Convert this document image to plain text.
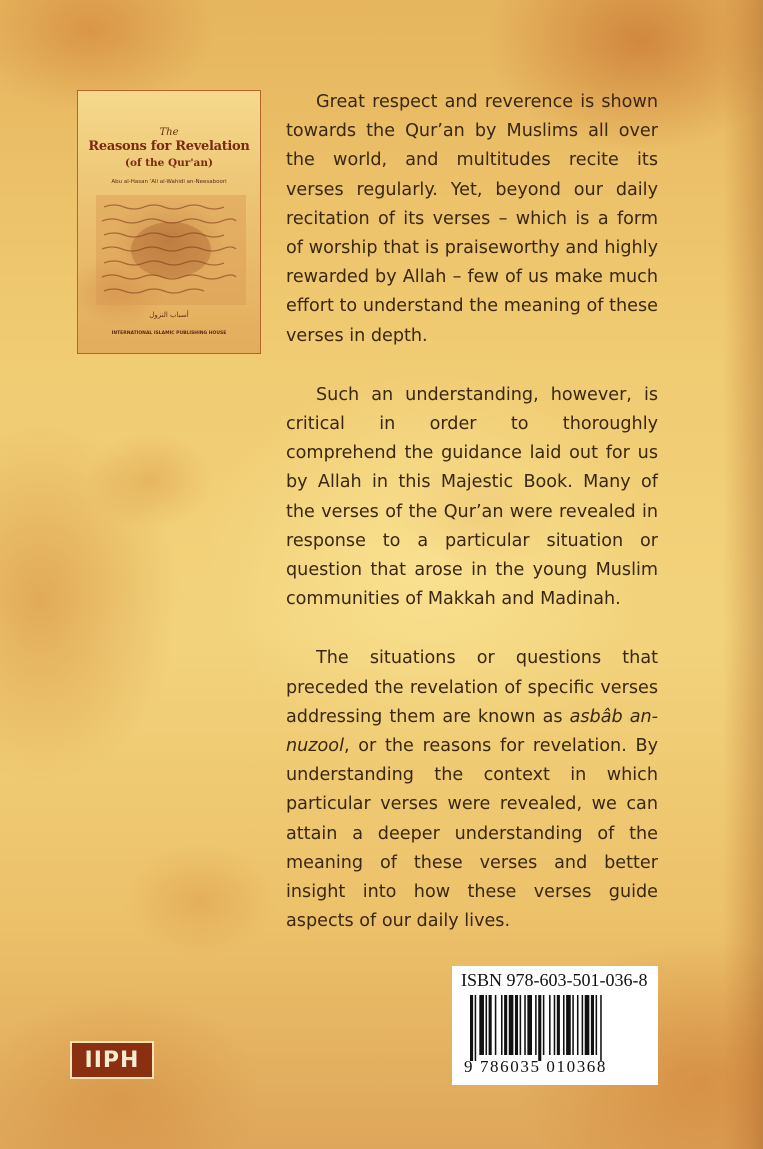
The
Reasons for Revelation
(of the Qur'an)
Abu al-Hasan 'Ali al-Wahidi an-Neesaboori
أسباب النزول
INTERNATIONAL ISLAMIC PUBLISHING HOUSE

Great respect and reverence is shown towards the Qur’an by Muslims all over the world, and multitudes recite its verses regularly. Yet, beyond our daily recitation of its verses – which is a form of worship that is praiseworthy and highly rewarded by Allah – few of us make much effort to understand the meaning of these verses in depth.

Such an understanding, however, is critical in order to thoroughly comprehend the guidance laid out for us by Allah in this Majestic Book. Many of the verses of the Qur’an were revealed in response to a particular situation or question that arose in the young Muslim communities of Makkah and Madinah.

The situations or questions that preceded the revelation of specific verses addressing them are known as asbâb an-nuzool, or the reasons for revelation. By understanding the context in which particular verses were revealed, we can attain a deeper understanding of the meaning of these verses and better insight into how these verses guide aspects of our daily lives.

ISBN 978-603-501-036-8
9 786035 010368
IIPH
